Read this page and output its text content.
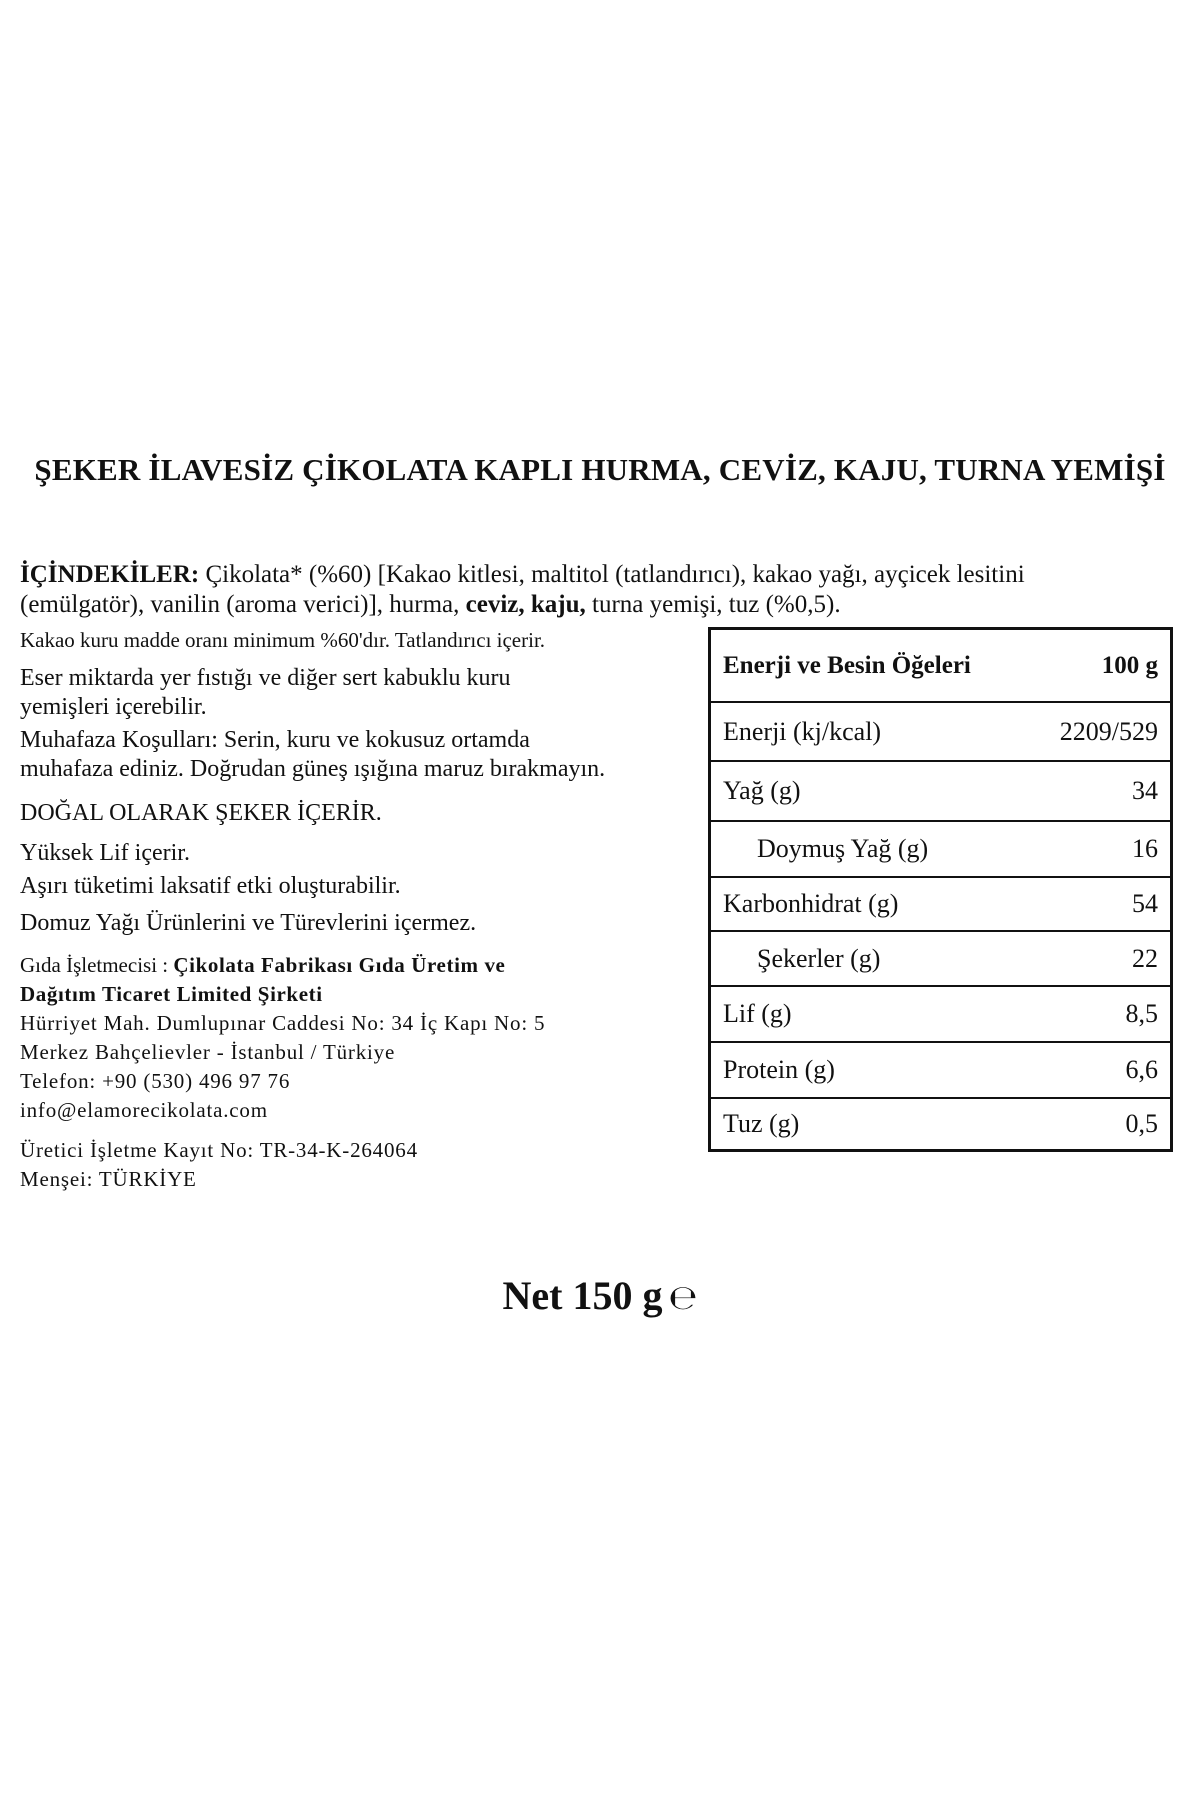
ŞEKER İLAVESİZ ÇİKOLATA KAPLI HURMA, CEVİZ, KAJU, TURNA YEMİŞİ
İÇİNDEKİLER: Çikolata* (%60) [Kakao kitlesi, maltitol (tatlandırıcı), kakao yağı, ayçicek lesitini (emülgatör), vanilin (aroma verici)], hurma, ceviz, kaju, turna yemişi, tuz (%0,5).
Kakao kuru madde oranı minimum %60'dır. Tatlandırıcı içerir.
Eser miktarda yer fıstığı ve diğer sert kabuklu kuru
yemişleri içerebilir.
Muhafaza Koşulları: Serin, kuru ve kokusuz ortamda
muhafaza ediniz. Doğrudan güneş ışığına maruz bırakmayın.
DOĞAL OLARAK ŞEKER İÇERİR.
Yüksek Lif içerir.
Aşırı tüketimi laksatif etki oluşturabilir.
Domuz Yağı Ürünlerini ve Türevlerini içermez.
Gıda İşletmecisi : Çikolata Fabrikası Gıda Üretim ve
Dağıtım Ticaret Limited Şirketi
Hürriyet Mah. Dumlupınar Caddesi No: 34 İç Kapı No: 5
Merkez Bahçelievler - İstanbul / Türkiye
Telefon: +90 (530) 496 97 76
info@elamorecikolata.com
Üretici İşletme Kayıt No: TR-34-K-264064
Menşei: TÜRKİYE
Enerji ve Besin Öğeleri	100 g
Enerji (kj/kcal)	2209/529
Yağ (g)	34
Doymuş Yağ (g)	16
Karbonhidrat (g)	54
Şekerler (g)	22
Lif (g)	8,5
Protein (g)	6,6
Tuz (g)	0,5
Net 150 g ℮
